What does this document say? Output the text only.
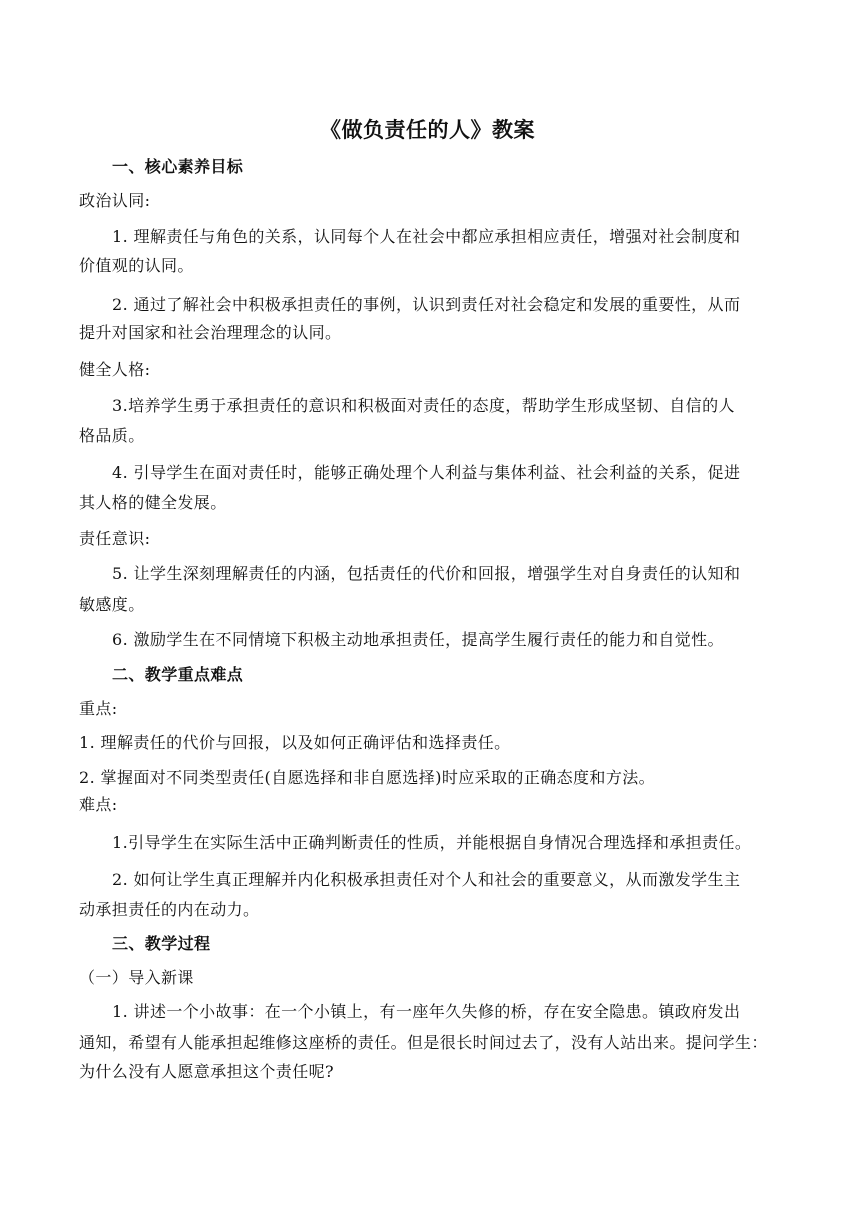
《做负责任的人》教案
一、核心素养目标
政治认同:
1. 理解责任与角色的关系，认同每个人在社会中都应承担相应责任，增强对社会制度和
价值观的认同。
2. 通过了解社会中积极承担责任的事例，认识到责任对社会稳定和发展的重要性，从而
提升对国家和社会治理理念的认同。
健全人格:
3.培养学生勇于承担责任的意识和积极面对责任的态度，帮助学生形成坚韧、自信的人
格品质。
4. 引导学生在面对责任时，能够正确处理个人利益与集体利益、社会利益的关系，促进
其人格的健全发展。
责任意识:
5. 让学生深刻理解责任的内涵，包括责任的代价和回报，增强学生对自身责任的认知和
敏感度。
6. 激励学生在不同情境下积极主动地承担责任，提高学生履行责任的能力和自觉性。
二、教学重点难点
重点:
1. 理解责任的代价与回报，以及如何正确评估和选择责任。
2. 掌握面对不同类型责任(自愿选择和非自愿选择)时应采取的正确态度和方法。
难点:
1.引导学生在实际生活中正确判断责任的性质，并能根据自身情况合理选择和承担责任。
2. 如何让学生真正理解并内化积极承担责任对个人和社会的重要意义，从而激发学生主
动承担责任的内在动力。
三、教学过程
（一）导入新课
1. 讲述一个小故事：在一个小镇上，有一座年久失修的桥，存在安全隐患。镇政府发出
通知，希望有人能承担起维修这座桥的责任。但是很长时间过去了，没有人站出来。提问学生：
为什么没有人愿意承担这个责任呢?
